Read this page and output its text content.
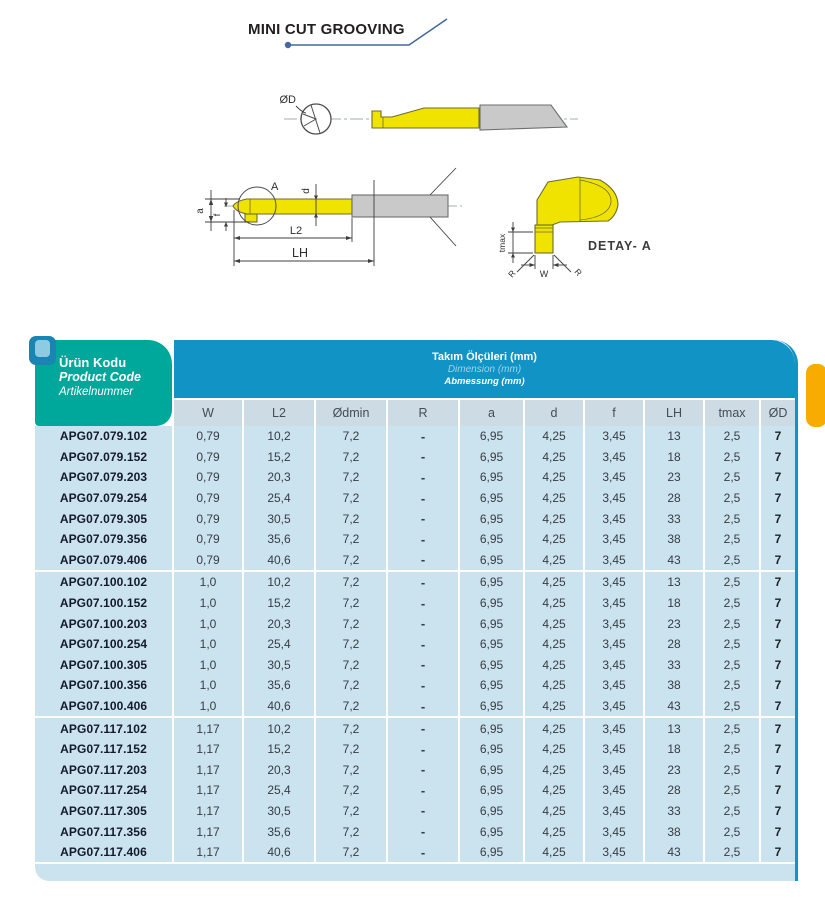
MINI CUT GROOVING
ØD
A
a
f
d
L2
LH
tmax
W
R	R
DETAY- A
Ürün Kodu
Product Code
Artikelnummer
Takım Ölçüleri (mm)
Dimension (mm)
Abmessung (mm)
W	L2	Ødmin	R	a	d	f	LH	tmax	ØD
APG07.079.102	0,79	10,2	7,2	-	6,95	4,25	3,45	13	2,5	7
APG07.079.152	0,79	15,2	7,2	-	6,95	4,25	3,45	18	2,5	7
APG07.079.203	0,79	20,3	7,2	-	6,95	4,25	3,45	23	2,5	7
APG07.079.254	0,79	25,4	7,2	-	6,95	4,25	3,45	28	2,5	7
APG07.079.305	0,79	30,5	7,2	-	6,95	4,25	3,45	33	2,5	7
APG07.079.356	0,79	35,6	7,2	-	6,95	4,25	3,45	38	2,5	7
APG07.079.406	0,79	40,6	7,2	-	6,95	4,25	3,45	43	2,5	7
APG07.100.102	1,0	10,2	7,2	-	6,95	4,25	3,45	13	2,5	7
APG07.100.152	1,0	15,2	7,2	-	6,95	4,25	3,45	18	2,5	7
APG07.100.203	1,0	20,3	7,2	-	6,95	4,25	3,45	23	2,5	7
APG07.100.254	1,0	25,4	7,2	-	6,95	4,25	3,45	28	2,5	7
APG07.100.305	1,0	30,5	7,2	-	6,95	4,25	3,45	33	2,5	7
APG07.100.356	1,0	35,6	7,2	-	6,95	4,25	3,45	38	2,5	7
APG07.100.406	1,0	40,6	7,2	-	6,95	4,25	3,45	43	2,5	7
APG07.117.102	1,17	10,2	7,2	-	6,95	4,25	3,45	13	2,5	7
APG07.117.152	1,17	15,2	7,2	-	6,95	4,25	3,45	18	2,5	7
APG07.117.203	1,17	20,3	7,2	-	6,95	4,25	3,45	23	2,5	7
APG07.117.254	1,17	25,4	7,2	-	6,95	4,25	3,45	28	2,5	7
APG07.117.305	1,17	30,5	7,2	-	6,95	4,25	3,45	33	2,5	7
APG07.117.356	1,17	35,6	7,2	-	6,95	4,25	3,45	38	2,5	7
APG07.117.406	1,17	40,6	7,2	-	6,95	4,25	3,45	43	2,5	7
